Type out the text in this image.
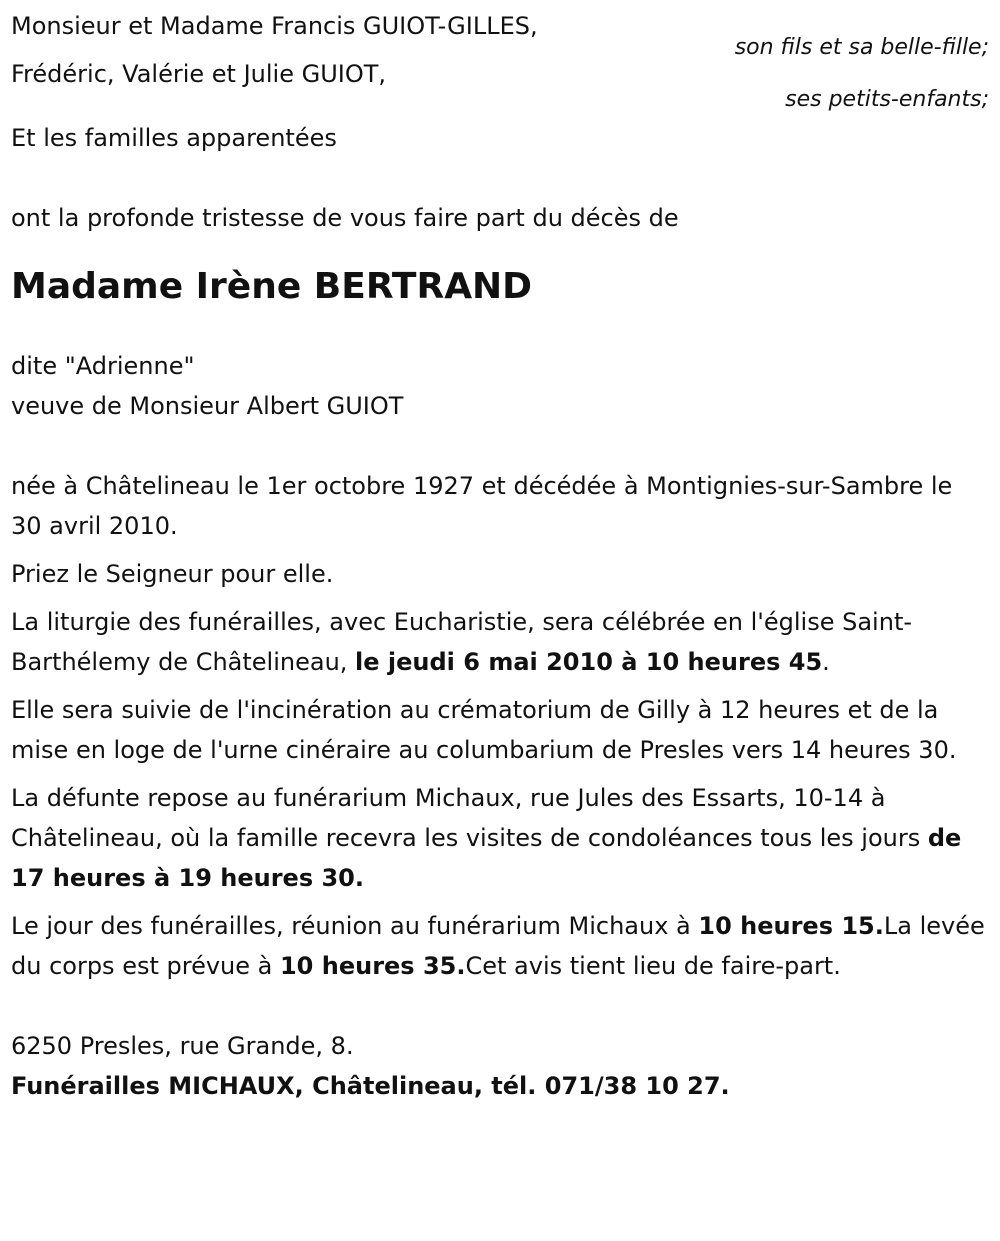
Monsieur et Madame Francis GUIOT-GILLES,

son fils et sa belle-fille;

Frédéric, Valérie et Julie GUIOT,

ses petits-enfants;

Et les familles apparentées

ont la profonde tristesse de vous faire part du décès de

Madame Irène BERTRAND

dite "Adrienne"

veuve de Monsieur Albert GUIOT

née à Châtelineau le 1er octobre 1927 et décédée à Montignies-sur-Sambre le 30 avril 2010.

Priez le Seigneur pour elle.

La liturgie des funérailles, avec Eucharistie, sera célébrée en l'église Saint-Barthélemy de Châtelineau, le jeudi 6 mai 2010 à 10 heures 45.

Elle sera suivie de l'incinération au crématorium de Gilly à 12 heures et de la mise en loge de l'urne cinéraire au columbarium de Presles vers 14 heures 30.

La défunte repose au funérarium Michaux, rue Jules des Essarts, 10-14 à Châtelineau, où la famille recevra les visites de condoléances tous les jours de 17 heures à 19 heures 30.

Le jour des funérailles, réunion au funérarium Michaux à 10 heures 15.La levée du corps est prévue à 10 heures 35.Cet avis tient lieu de faire-part.

6250 Presles, rue Grande, 8.

Funérailles MICHAUX, Châtelineau, tél. 071/38 10 27.
